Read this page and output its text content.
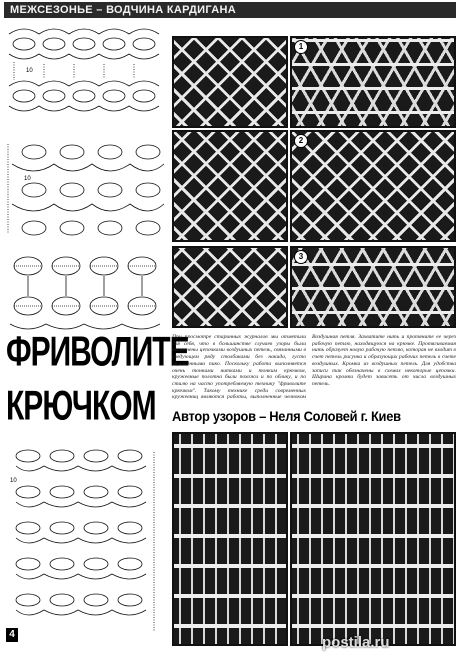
МЕЖСЕЗОНЬЕ – ВОДЧИНА КАРДИГАНА
10
10
10
1
2
3
ФРИВОЛИТЕ
КРЮЧКОМ
При просмотре старинных журналов мы отметили для себя, что в большинстве случаев узоры были выполнены цепочками воздушных петель, связанными в следующем ряду столбиками без накида, густо украшенными пико. Поскольку работа выполняется очень тонкими нитками и тонким крючком, кружевные полотна были похожи и по облику, и по стилю на часто употребляемую технику "фриволите крючком". Такому технике среди современных кружевниц являются работы, выполненные челноком
Воздушная петля. Захватите нить и протяните ее через рабочую петлю, находящуюся на крючке. Протягиваемая нить образует новую рабочую петлю, которая не входит в счет петель рисунка и образующих рабочих петель в счете воздушных. Кромка из воздушных петель. Для удобства записи так обозначены в схемах некоторые цепочки. Ширина кромки будет зависеть от числа воздушных петель.
Автор узоров – Неля Соловей г. Киев
4	postila.ru
